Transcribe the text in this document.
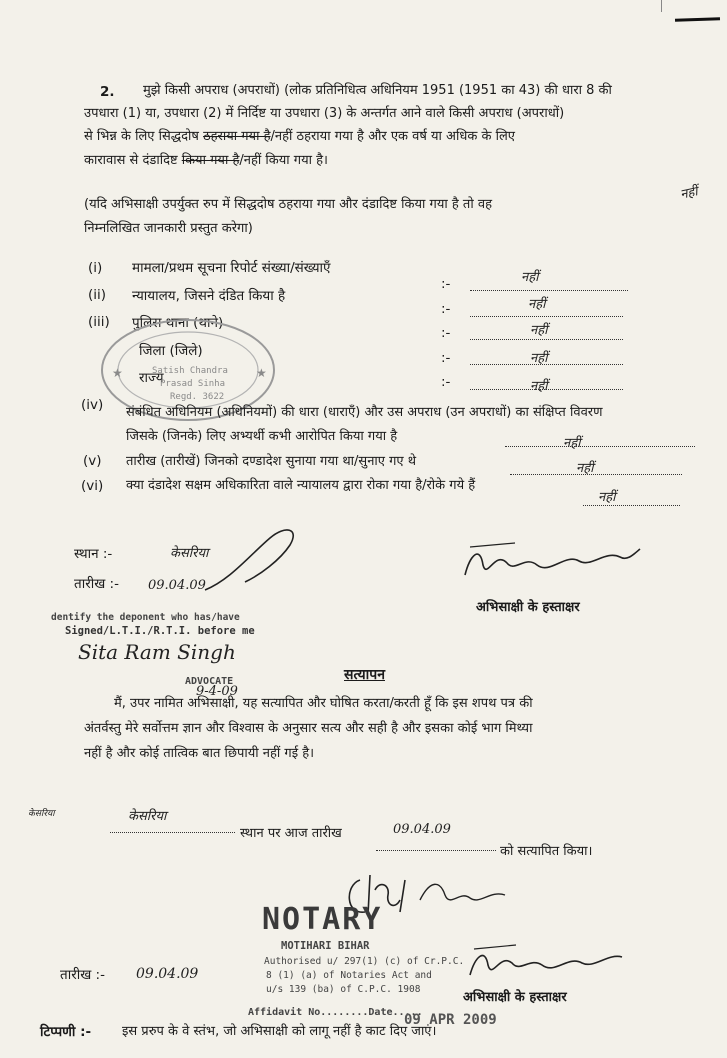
2. मुझे किसी अपराध (अपराधों) (लोक प्रतिनिधित्व अधिनियम 1951 (1951 का 43) की धारा 8 की
उपधारा (1) या, उपधारा (2) में निर्दिष्ट या उपधारा (3) के अन्तर्गत आने वाले किसी अपराध (अपराधों)
से भिन्न के लिए सिद्धदोष ठहराया गया है/नहीं ठहराया गया है और एक वर्ष या अधिक के लिए
कारावास से दंडादिष्ट किया गया है/नहीं किया गया है।
नहीं
(यदि अभिसाक्षी उपर्युक्त रुप में सिद्धदोष ठहराया गया और दंडादिष्ट किया गया है तो वह
निम्नलिखित जानकारी प्रस्तुत करेगा)
(i) मामला/प्रथम सूचना रिपोर्ट संख्या/संख्याएँ
:-	नहीं
(ii) न्यायालय, जिसने दंडित किया है
:-	नहीं
(iii) पुलिस थाना (थाने)
:-	नहीं
जिला (जिले)	:-	नहीं
राज्य	:-	नहीं
★	★
Satish Chandra
Prasad Sinha
Regd. 3622
(iv) संबंधित अधिनियम (अधिनियमों) की धारा (धाराएँ) और उस अपराध (उन अपराधों) का संक्षिप्त विवरण
जिसके (जिनके) लिए अभ्यर्थी कभी आरोपित किया गया है	नहीं
(v) तारीख (तारीखें) जिनको दण्डादेश सुनाया गया था/सुनाए गए थे	नहीं
(vi) क्या दंडादेश सक्षम अधिकारिता वाले न्यायालय द्वारा रोका गया है/रोके गये हैं
नहीं
स्थान :-	केसरिया
तारीख :- 09.04.09
अभिसाक्षी के हस्ताक्षर
dentify the deponent who has/have
Signed/L.T.I./R.T.I. before me
Sita Ram Singh
ADVOCATE
9-4-09
सत्यापन
मैं, उपर नामित अभिसाक्षी, यह सत्यापित और घोषित करता/करती हूँ कि इस शपथ पत्र की
अंतर्वस्तु मेरे सर्वोत्तम ज्ञान और विश्वास के अनुसार सत्य और सही है और इसका कोई भाग मिथ्या
नहीं है और कोई तात्विक बात छिपायी नहीं गई है।
केसरिया	केसरिया
स्थान पर आज तारीख	09.04.09
को सत्यापित किया।
NOTARY
MOTIHARI BIHAR
Authorised u/ 297(1) (c) of Cr.P.C.
8 (1) (a) of Notaries Act and
u/s 139 (ba) of C.P.C. 1908
Affidavit No........Date.....
09 APR 2009
अभिसाक्षी के हस्ताक्षर
तारीख :- 09.04.09
टिप्पणी :- इस प्ररुप के वे स्तंभ, जो अभिसाक्षी को लागू नहीं है काट दिए जाएं।
